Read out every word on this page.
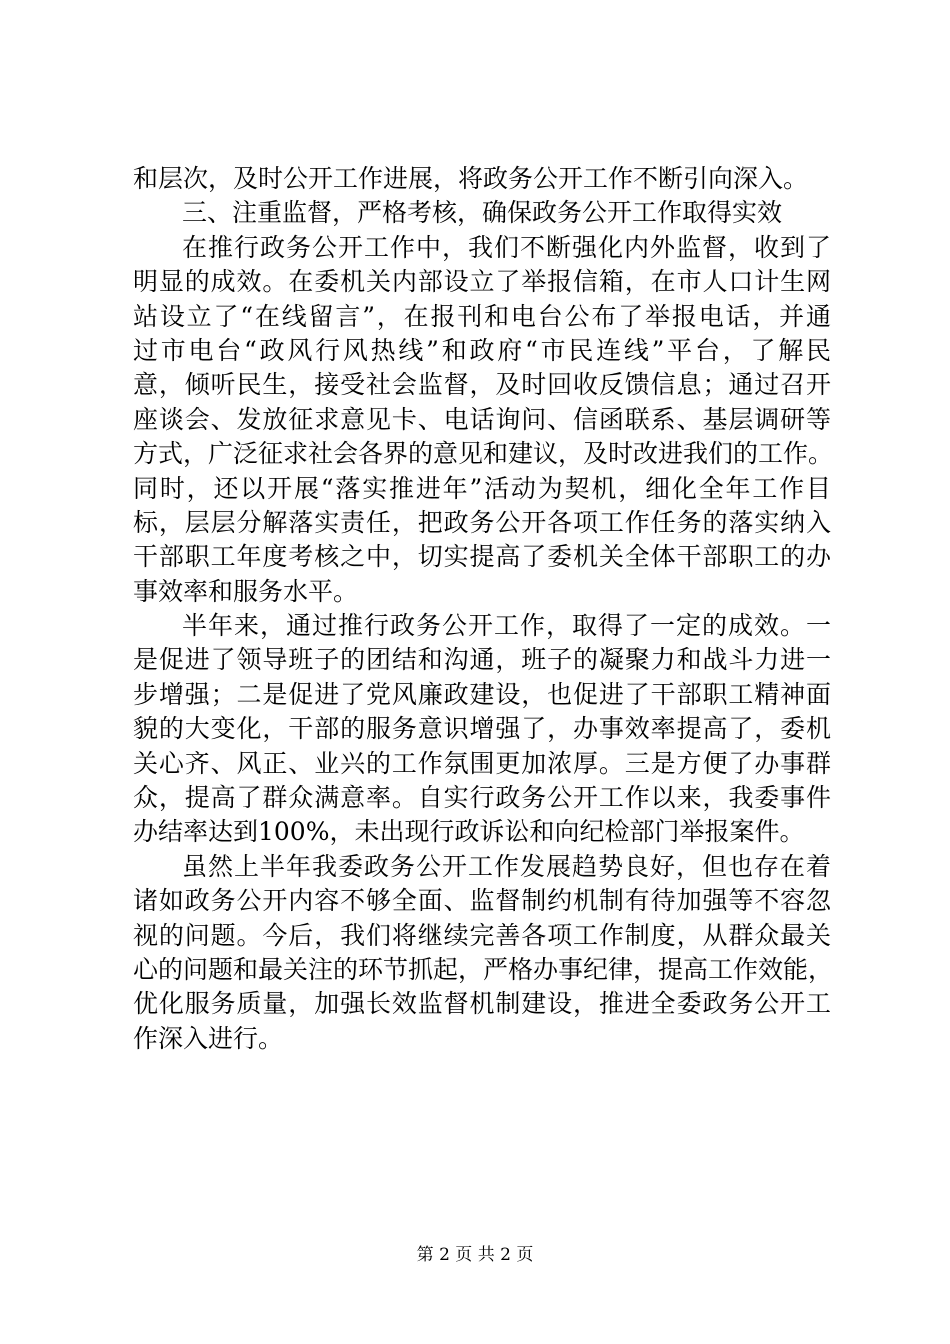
和层次，及时公开工作进展，将政务公开工作不断引向深入。
三、注重监督，严格考核，确保政务公开工作取得实效
在推行政务公开工作中，我们不断强化内外监督，收到了
明显的成效。在委机关内部设立了举报信箱，在市人口计生网
站设立了“在线留言”，在报刊和电台公布了举报电话，并通
过市电台“政风行风热线”和政府“市民连线”平台，了解民
意，倾听民生，接受社会监督，及时回收反馈信息；通过召开
座谈会、发放征求意见卡、电话询问、信函联系、基层调研等
方式，广泛征求社会各界的意见和建议，及时改进我们的工作。
同时，还以开展“落实推进年”活动为契机，细化全年工作目
标，层层分解落实责任，把政务公开各项工作任务的落实纳入
干部职工年度考核之中，切实提高了委机关全体干部职工的办
事效率和服务水平。
半年来，通过推行政务公开工作，取得了一定的成效。一
是促进了领导班子的团结和沟通，班子的凝聚力和战斗力进一
步增强；二是促进了党风廉政建设，也促进了干部职工精神面
貌的大变化，干部的服务意识增强了，办事效率提高了，委机
关心齐、风正、业兴的工作氛围更加浓厚。三是方便了办事群
众，提高了群众满意率。自实行政务公开工作以来，我委事件
办结率达到100%，未出现行政诉讼和向纪检部门举报案件。
虽然上半年我委政务公开工作发展趋势良好，但也存在着
诸如政务公开内容不够全面、监督制约机制有待加强等不容忽
视的问题。今后，我们将继续完善各项工作制度，从群众最关
心的问题和最关注的环节抓起，严格办事纪律，提高工作效能，
优化服务质量，加强长效监督机制建设，推进全委政务公开工
作深入进行。
第 2 页 共 2 页
